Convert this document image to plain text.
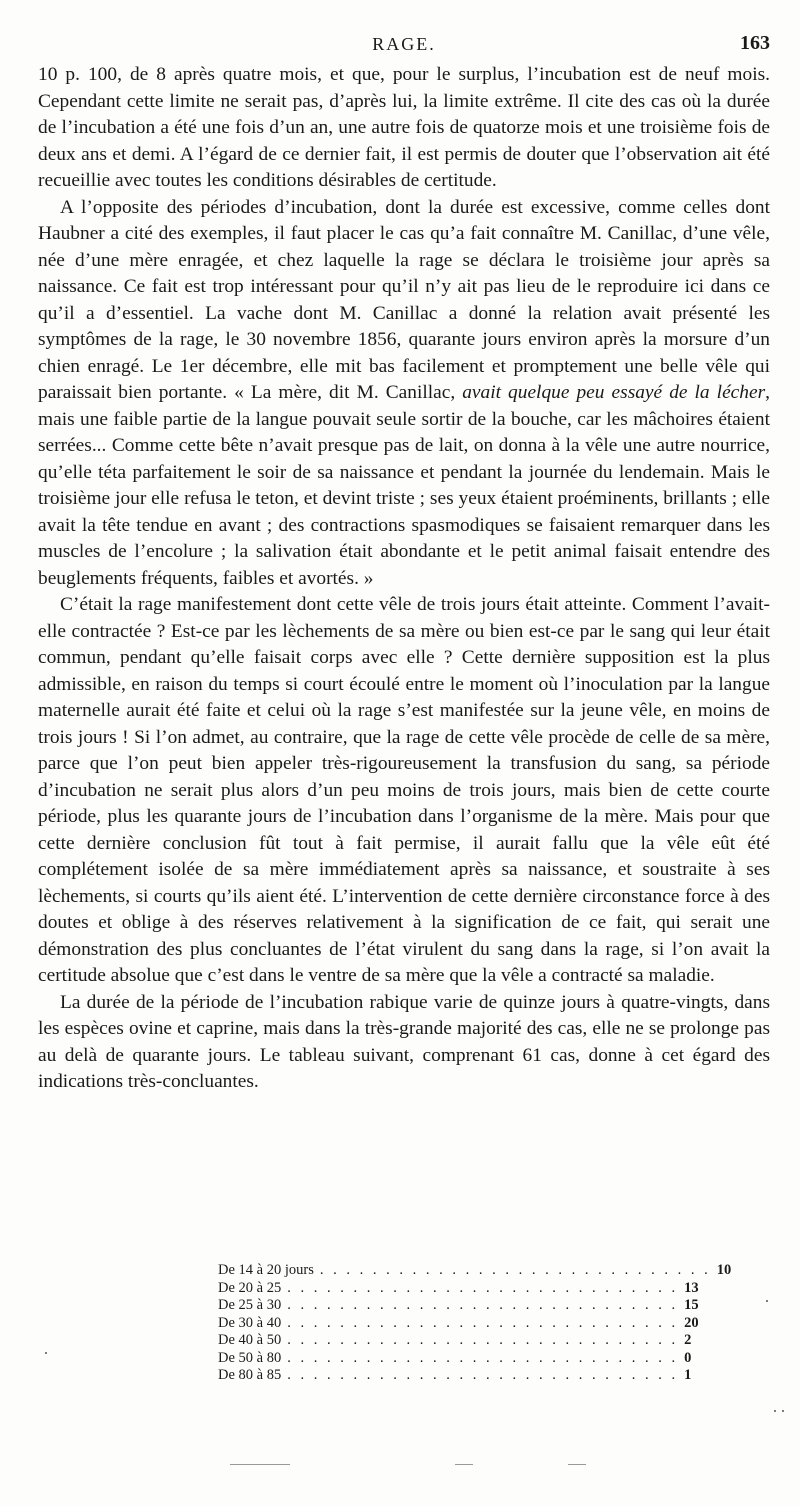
RAGE.	163

10 p. 100, de 8 après quatre mois, et que, pour le surplus, l’incubation est de neuf mois. Cependant cette limite ne serait pas, d’après lui, la limite extrême. Il cite des cas où la durée de l’incubation a été une fois d’un an, une autre fois de quatorze mois et une troisième fois de deux ans et demi. A l’égard de ce dernier fait, il est permis de douter que l’observation ait été recueillie avec toutes les conditions désirables de certitude.

A l’opposite des périodes d’incubation, dont la durée est excessive, comme celles dont Haubner a cité des exemples, il faut placer le cas qu’a fait connaître M. Canillac, d’une vêle, née d’une mère enragée, et chez laquelle la rage se déclara le troisième jour après sa naissance. Ce fait est trop intéressant pour qu’il n’y ait pas lieu de le reproduire ici dans ce qu’il a d’essentiel. La vache dont M. Canillac a donné la relation avait présenté les symptômes de la rage, le 30 novembre 1856, quarante jours environ après la morsure d’un chien enragé. Le 1er décembre, elle mit bas facilement et promptement une belle vêle qui paraissait bien portante. « La mère, dit M. Canillac, avait quelque peu essayé de la lécher, mais une faible partie de la langue pouvait seule sortir de la bouche, car les mâchoires étaient serrées... Comme cette bête n’avait presque pas de lait, on donna à la vêle une autre nourrice, qu’elle téta parfaitement le soir de sa naissance et pendant la journée du lendemain. Mais le troisième jour elle refusa le teton, et devint triste ; ses yeux étaient proéminents, brillants ; elle avait la tête tendue en avant ; des contractions spasmodiques se faisaient remarquer dans les muscles de l’encolure ; la salivation était abondante et le petit animal faisait entendre des beuglements fréquents, faibles et avortés. »

C’était la rage manifestement dont cette vêle de trois jours était atteinte. Comment l’avait-elle contractée ? Est-ce par les lèchements de sa mère ou bien est-ce par le sang qui leur était commun, pendant qu’elle faisait corps avec elle ? Cette dernière supposition est la plus admissible, en raison du temps si court écoulé entre le moment où l’inoculation par la langue maternelle aurait été faite et celui où la rage s’est manifestée sur la jeune vêle, en moins de trois jours ! Si l’on admet, au contraire, que la rage de cette vêle procède de celle de sa mère, parce que l’on peut bien appeler très-rigoureusement la transfusion du sang, sa période d’incubation ne serait plus alors d’un peu moins de trois jours, mais bien de cette courte période, plus les quarante jours de l’incubation dans l’organisme de la mère. Mais pour que cette dernière conclusion fût tout à fait permise, il aurait fallu que la vêle eût été complétement isolée de sa mère immédiatement après sa naissance, et soustraite à ses lèchements, si courts qu’ils aient été. L’intervention de cette dernière circonstance force à des doutes et oblige à des réserves relativement à la signification de ce fait, qui serait une démonstration des plus concluantes de l’état virulent du sang dans la rage, si l’on avait la certitude absolue que c’est dans le ventre de sa mère que la vêle a contracté sa maladie.

La durée de la période de l’incubation rabique varie de quinze jours à quatre-vingts, dans les espèces ovine et caprine, mais dans la très-grande majorité des cas, elle ne se prolonge pas au delà de quarante jours. Le tableau suivant, comprenant 61 cas, donne à cet égard des indications très-concluantes.

De 14 à 20 jours . . . . . . . . . . . . . . . . . . . . . . . . . . . . . . 10
De 20 à 25 . . . . . . . . . . . . . . . . . . . . . . . . . . . . . . 13
De 25 à 30 . . . . . . . . . . . . . . . . . . . . . . . . . . . . . . 15
De 30 à 40 . . . . . . . . . . . . . . . . . . . . . . . . . . . . . . 20
De 40 à 50 . . . . . . . . . . . . . . . . . . . . . . . . . . . . . . 2
De 50 à 80 . . . . . . . . . . . . . . . . . . . . . . . . . . . . . . 0
De 80 à 85 . . . . . . . . . . . . . . . . . . . . . . . . . . . . . . 1
